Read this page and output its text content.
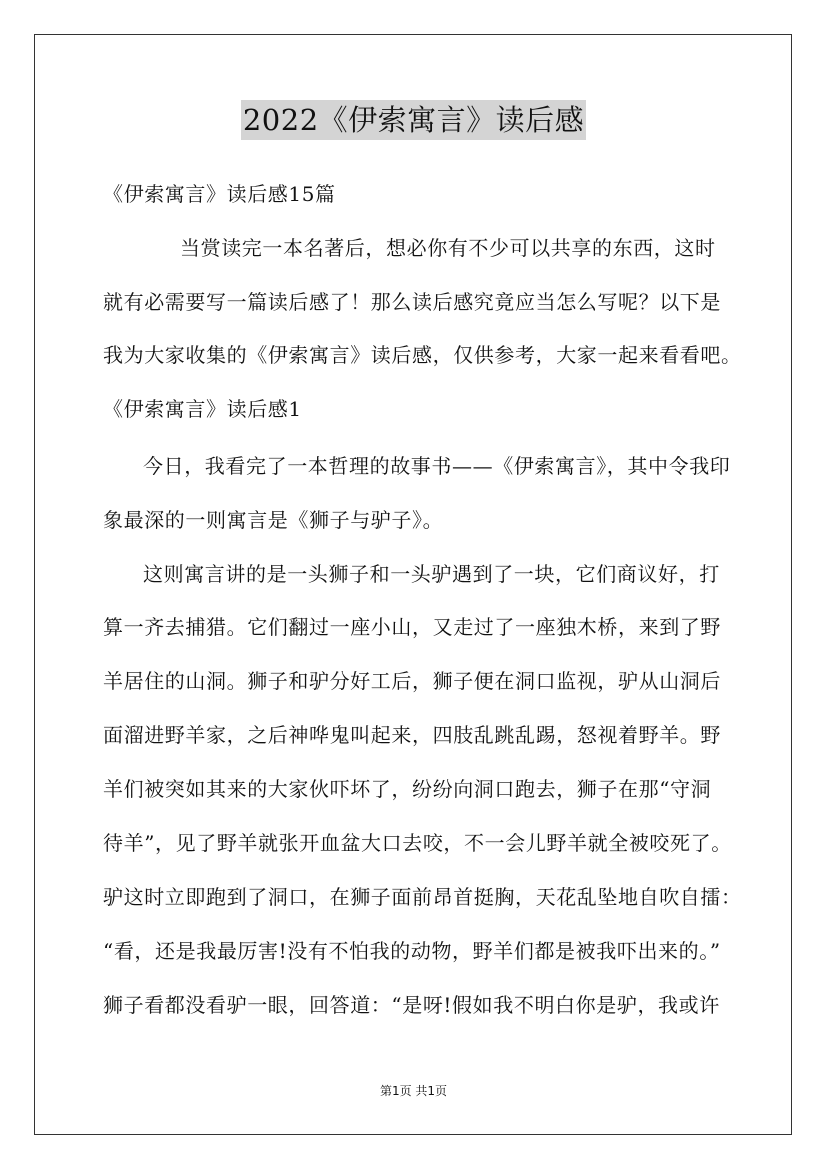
2022《伊索寓言》读后感
《伊索寓言》读后感15篇
当赏读完一本名著后，想必你有不少可以共享的东西，这时
就有必需要写一篇读后感了！那么读后感究竟应当怎么写呢？以下是
我为大家收集的《伊索寓言》读后感，仅供参考，大家一起来看看吧。
《伊索寓言》读后感1
今日，我看完了一本哲理的故事书——《伊索寓言》，其中令我印
象最深的一则寓言是《狮子与驴子》。
这则寓言讲的是一头狮子和一头驴遇到了一块，它们商议好，打
算一齐去捕猎。它们翻过一座小山，又走过了一座独木桥，来到了野
羊居住的山洞。狮子和驴分好工后，狮子便在洞口监视，驴从山洞后
面溜进野羊家，之后神哗鬼叫起来，四肢乱跳乱踢，怒视着野羊。野
羊们被突如其来的大家伙吓坏了，纷纷向洞口跑去，狮子在那“守洞
待羊”，见了野羊就张开血盆大口去咬，不一会儿野羊就全被咬死了。
驴这时立即跑到了洞口，在狮子面前昂首挺胸，天花乱坠地自吹自擂：
“看，还是我最厉害!没有不怕我的动物，野羊们都是被我吓出来的。”
狮子看都没看驴一眼，回答道：“是呀!假如我不明白你是驴，我或许
第1页 共1页
